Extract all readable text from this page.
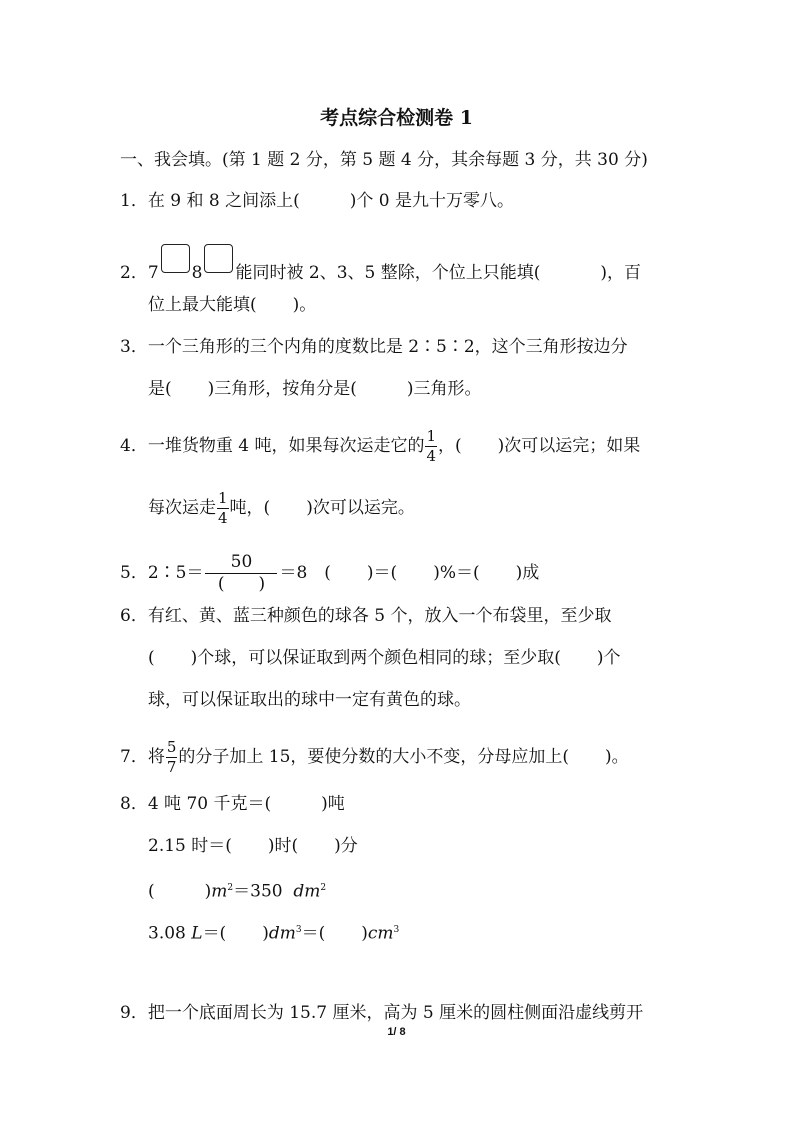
考点综合检测卷 1
一、我会填。(第 1 题 2 分，第 5 题 4 分，其余每题 3 分，共 30 分)
1．在 9 和 8 之间添上(	)个 0 是九十万零八。
2．7 8 能同时被 2、3、5 整除，个位上只能填(	)，百
位上最大能填( )。
3．一个三角形的三个内角的度数比是 2∶5∶2，这个三角形按边分
是( )三角形，按角分是(	)三角形。
4．一堆货物重 4 吨，如果每次运走它的 $\frac{1}{4}$ ，( )次可以运完；如果
每次运走 $\frac{1}{4}$ 吨，( )次可以运完。
5．2∶5＝ $\frac{50}{( )} =8$　( )＝( )%＝( )成
6．有红、黄、蓝三种颜色的球各 5 个，放入一个布袋里，至少取
( )个球，可以保证取到两个颜色相同的球；至少取( )个
球，可以保证取出的球中一定有黄色的球。
7．将 $\frac{5}{7}$ 的分子加上 15，要使分数的大小不变，分母应加上( )。
8．4 吨 70 千克＝(	)吨
2.15 时＝( )时( )分
(	)$m^2=350$ $dm^2$
3.08 L＝( )$dm^3=$( )$cm^3$
9．把一个底面周长为 15.7 厘米，高为 5 厘米的圆柱侧面沿虚线剪开
1/ 8
